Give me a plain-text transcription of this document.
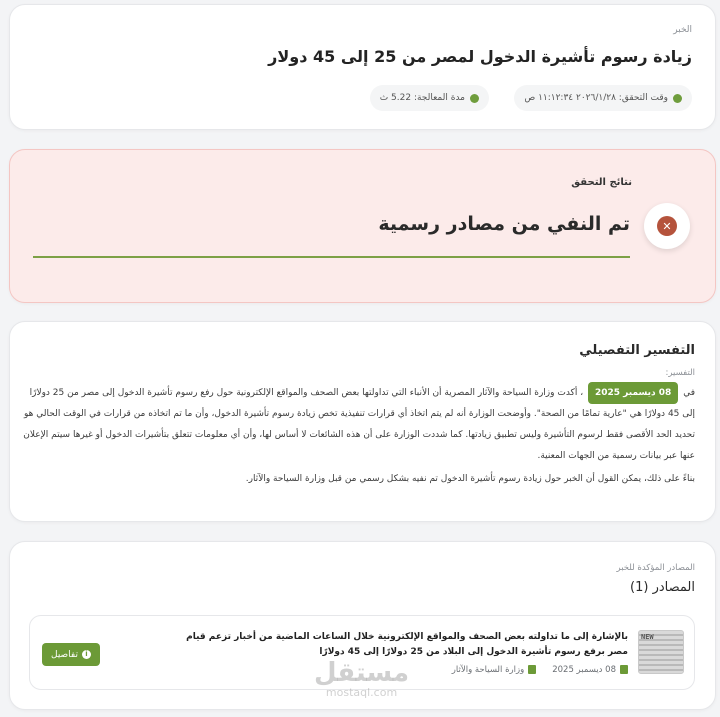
الخبر
زيادة رسوم تأشيرة الدخول لمصر من 25 إلى 45 دولار
وقت التحقق: ٢٠٢٦/١/٢٨ ١١:١٢:٣٤ ص
مدة المعالجة: 5.22 ث
نتائج التحقق
✕
تم النفي من مصادر رسمية
التفسير التفصيلي
التفسير:
في 08 ديسمبر 2025 ، أكدت وزارة السياحة والآثار المصرية أن الأنباء التي تداولتها بعض الصحف والمواقع الإلكترونية حول رفع رسوم تأشيرة الدخول إلى مصر من 25 دولارًا إلى 45 دولارًا هي "عارية تمامًا من الصحة". وأوضحت الوزارة أنه لم يتم اتخاذ أي قرارات تنفيذية تخص زيادة رسوم تأشيرة الدخول، وأن ما تم اتخاذه من قرارات في الوقت الحالي هو تحديد الحد الأقصى فقط لرسوم التأشيرة وليس تطبيق زيادتها. كما شددت الوزارة على أن هذه الشائعات لا أساس لها، وأن أي معلومات تتعلق بتأشيرات الدخول أو غيرها سيتم الإعلان عنها عبر بيانات رسمية من الجهات المعنية.
بناءً على ذلك، يمكن القول أن الخبر حول زيادة رسوم تأشيرة الدخول تم نفيه بشكل رسمي من قبل وزارة السياحة والآثار.
المصادر المؤكدة للخبر
المصادر (1)
NEW
بالإشارة إلى ما تداولته بعض الصحف والمواقع الإلكترونية خلال الساعات الماضية من أخبار تزعم قيام مصر برفع رسوم تأشيرة الدخول إلى البلاد من 25 دولارًا إلى 45 دولارًا
08 ديسمبر 2025
وزارة السياحة والآثار
i
تفاصيل
مستقل
mostaql.com
